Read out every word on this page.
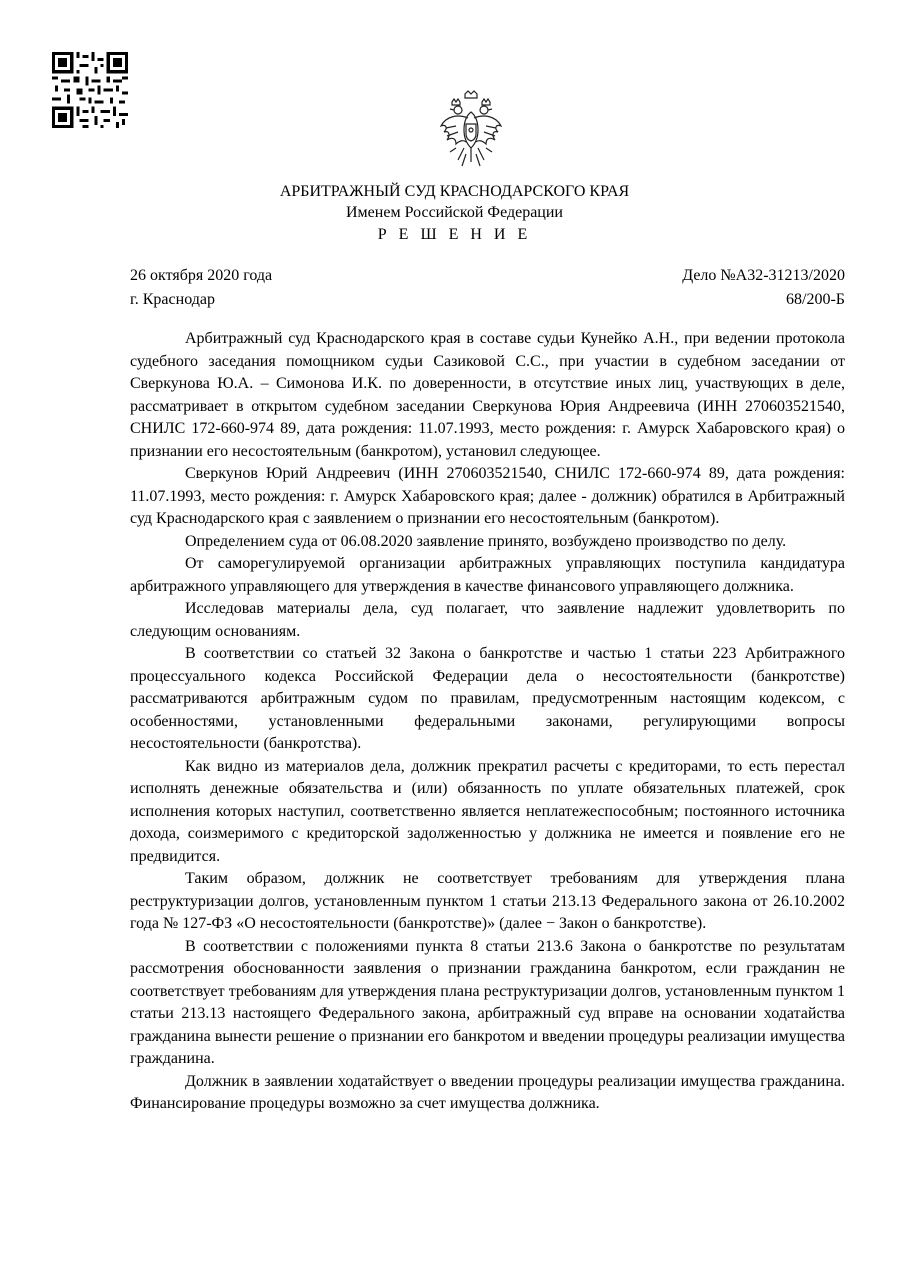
АРБИТРАЖНЫЙ СУД КРАСНОДАРСКОГО КРАЯ
Именем Российской Федерации
Р Е Ш Е Н И Е
26 октября 2020 года
г. Краснодар
Дело №А32-31213/2020
68/200-Б

Арбитражный суд Краснодарского края в составе судьи Кунейко А.Н., при ведении протокола судебного заседания помощником судьи Сазиковой С.С., при участии в судебном заседании от Сверкунова Ю.А. – Симонова И.К. по доверенности, в отсутствие иных лиц, участвующих в деле, рассматривает в открытом судебном заседании Сверкунова Юрия Андреевича (ИНН 270603521540, СНИЛС 172-660-974 89, дата рождения: 11.07.1993, место рождения: г. Амурск Хабаровского края) о признании его несостоятельным (банкротом), установил следующее.

Сверкунов Юрий Андреевич (ИНН 270603521540, СНИЛС 172-660-974 89, дата рождения: 11.07.1993, место рождения: г. Амурск Хабаровского края; далее - должник) обратился в Арбитражный суд Краснодарского края с заявлением о признании его несостоятельным (банкротом).

Определением суда от 06.08.2020 заявление принято, возбуждено производство по делу.

От саморегулируемой организации арбитражных управляющих поступила кандидатура арбитражного управляющего для утверждения в качестве финансового управляющего должника.

Исследовав материалы дела, суд полагает, что заявление надлежит удовлетворить по следующим основаниям.

В соответствии со статьей 32 Закона о банкротстве и частью 1 статьи 223 Арбитражного процессуального кодекса Российской Федерации дела о несостоятельности (банкротстве) рассматриваются арбитражным судом по правилам, предусмотренным настоящим кодексом, с особенностями, установленными федеральными законами, регулирующими вопросы несостоятельности (банкротства).

Как видно из материалов дела, должник прекратил расчеты с кредиторами, то есть перестал исполнять денежные обязательства и (или) обязанность по уплате обязательных платежей, срок исполнения которых наступил, соответственно является неплатежеспособным; постоянного источника дохода, соизмеримого с кредиторской задолженностью у должника не имеется и появление его не предвидится.

Таким образом, должник не соответствует требованиям для утверждения плана реструктуризации долгов, установленным пунктом 1 статьи 213.13 Федерального закона от 26.10.2002 года № 127-ФЗ «О несостоятельности (банкротстве)» (далее − Закон о банкротстве).

В соответствии с положениями пункта 8 статьи 213.6 Закона о банкротстве по результатам рассмотрения обоснованности заявления о признании гражданина банкротом, если гражданин не соответствует требованиям для утверждения плана реструктуризации долгов, установленным пунктом 1 статьи 213.13 настоящего Федерального закона, арбитражный суд вправе на основании ходатайства гражданина вынести решение о признании его банкротом и введении процедуры реализации имущества гражданина.

Должник в заявлении ходатайствует о введении процедуры реализации имущества гражданина. Финансирование процедуры возможно за счет имущества должника.
